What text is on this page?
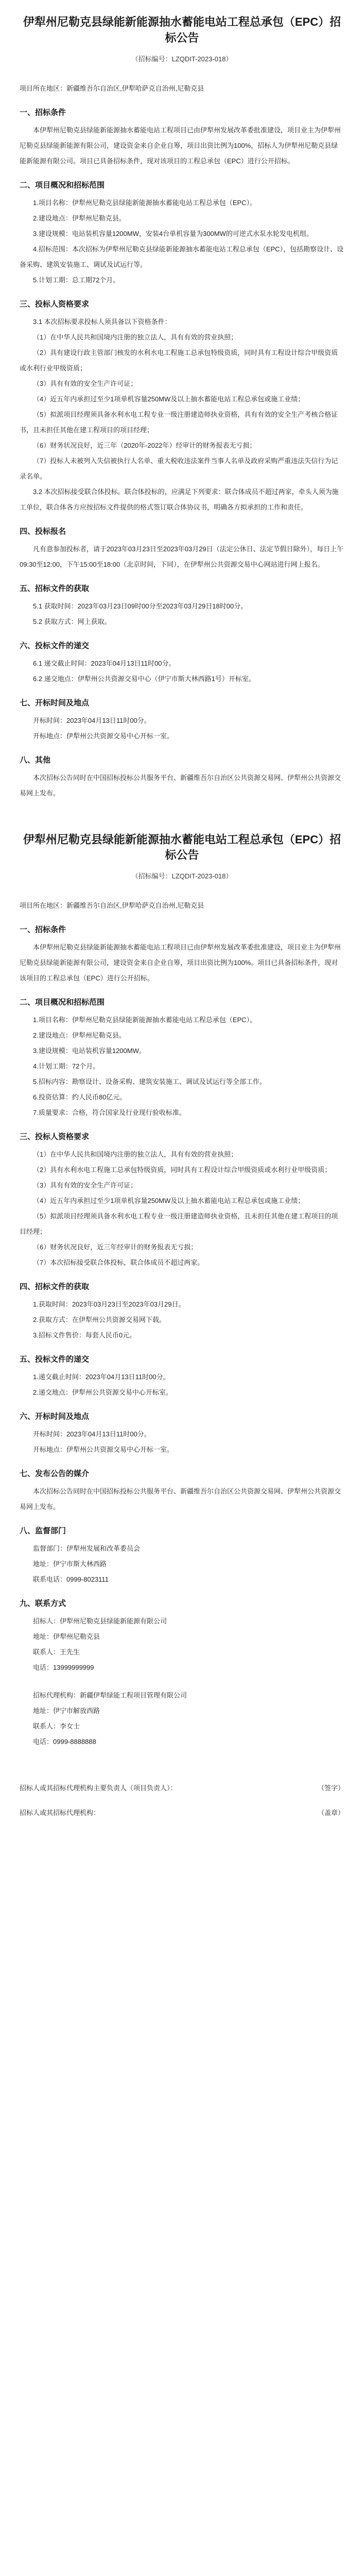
伊犁州尼勒克县绿能新能源抽水蓄能电站工程总承包（EPC）招标公告
（招标编号：LZQDIT-2023-018）

项目所在地区：新疆维吾尔自治区,伊犁哈萨克自治州,尼勒克县

一、招标条件

本伊犁州尼勒克县绿能新能源抽水蓄能电站工程项目已由伊犁州发展改革委批准建设，项目业主为伊犁州尼勒克县绿能新能源有限公司，建设资金来自企业自筹，项目出资比例为100%，招标人为伊犁州尼勒克县绿能新能源有限公司。项目已具备招标条件，现对该项目的工程总承包（EPC）进行公开招标。

二、项目概况和招标范围

1.项目名称：伊犁州尼勒克县绿能新能源抽水蓄能电站工程总承包（EPC）。

2.建设地点：伊犁州尼勒克县。

3.建设规模：电站装机容量1200MW，安装4台单机容量为300MW的可逆式水泵水轮发电机组。

4.招标范围：本次招标为伊犁州尼勒克县绿能新能源抽水蓄能电站工程总承包（EPC），包括勘察设计、设备采购、建筑安装施工、调试及试运行等。

5.计划工期：总工期72个月。

三、投标人资格要求

3.1 本次招标要求投标人须具备以下资格条件：

（1）在中华人民共和国境内注册的独立法人，具有有效的营业执照；

（2）具有建设行政主管部门核发的水利水电工程施工总承包特级资质，同时具有工程设计综合甲级资质或水利行业甲级资质；

（3）具有有效的安全生产许可证；

（4）近五年内承担过至少1项单机容量250MW及以上抽水蓄能电站工程总承包或施工业绩；

（5）拟派项目经理须具备水利水电工程专业一级注册建造师执业资格，具有有效的安全生产考核合格证书，且未担任其他在建工程项目的项目经理；

（6）财务状况良好，近三年（2020年-2022年）经审计的财务报表无亏损；

（7）投标人未被列入失信被执行人名单、重大税收违法案件当事人名单及政府采购严重违法失信行为记录名单。

3.2 本次招标接受联合体投标。联合体投标的，应满足下列要求：联合体成员不超过两家，牵头人须为施工单位，联合体各方应按招标文件提供的格式签订联合体协议书，明确各方拟承担的工作和责任。

四、投标报名

凡有意参加投标者，请于2023年03月23日至2023年03月29日（法定公休日、法定节假日除外），每日上午09:30至12:00，下午15:00至18:00（北京时间，下同），在伊犁州公共资源交易中心网站进行网上报名。

五、招标文件的获取

5.1 获取时间：2023年03月23日09时00分至2023年03月29日18时00分。

5.2 获取方式：网上获取。

六、投标文件的递交

6.1 递交截止时间：2023年04月13日11时00分。

6.2 递交地点：伊犁州公共资源交易中心（伊宁市斯大林西路1号）开标室。

七、开标时间及地点

开标时间：2023年04月13日11时00分。

开标地点：伊犁州公共资源交易中心开标一室。

八、其他

本次招标公告同时在中国招标投标公共服务平台、新疆维吾尔自治区公共资源交易网、伊犁州公共资源交易网上发布。

伊犁州尼勒克县绿能新能源抽水蓄能电站工程总承包（EPC）招标公告
（招标编号：LZQDIT-2023-018）

项目所在地区：新疆维吾尔自治区,伊犁哈萨克自治州,尼勒克县

一、招标条件

本伊犁州尼勒克县绿能新能源抽水蓄能电站工程项目已由伊犁州发展改革委批准建设，项目业主为伊犁州尼勒克县绿能新能源有限公司，建设资金来自企业自筹，项目出资比例为100%。项目已具备招标条件，现对该项目的工程总承包（EPC）进行公开招标。

二、项目概况和招标范围

1.项目名称：伊犁州尼勒克县绿能新能源抽水蓄能电站工程总承包（EPC）。

2.建设地点：伊犁州尼勒克县。

3.建设规模：电站装机容量1200MW。

4.计划工期：72个月。

5.招标内容：勘察设计、设备采购、建筑安装施工、调试及试运行等全部工作。

6.投资估算：约人民币80亿元。

7.质量要求：合格，符合国家及行业现行验收标准。

三、投标人资格要求

（1）在中华人民共和国境内注册的独立法人，具有有效的营业执照；

（2）具有水利水电工程施工总承包特级资质，同时具有工程设计综合甲级资质或水利行业甲级资质；

（3）具有有效的安全生产许可证；

（4）近五年内承担过至少1项单机容量250MW及以上抽水蓄能电站工程总承包或施工业绩；

（5）拟派项目经理须具备水利水电工程专业一级注册建造师执业资格，且未担任其他在建工程项目的项目经理；

（6）财务状况良好，近三年经审计的财务报表无亏损；

（7）本次招标接受联合体投标，联合体成员不超过两家。

四、招标文件的获取

1.获取时间：2023年03月23日至2023年03月29日。

2.获取方式：在伊犁州公共资源交易网下载。

3.招标文件售价：每套人民币0元。

五、投标文件的递交

1.递交截止时间：2023年04月13日11时00分。

2.递交地点：伊犁州公共资源交易中心开标室。

六、开标时间及地点

开标时间：2023年04月13日11时00分。

开标地点：伊犁州公共资源交易中心开标一室。

七、发布公告的媒介

本次招标公告同时在中国招标投标公共服务平台、新疆维吾尔自治区公共资源交易网、伊犁州公共资源交易网上发布。

八、监督部门

监督部门：伊犁州发展和改革委员会

地址：伊宁市斯大林西路

联系电话：0999-8023111

九、联系方式

招标人：伊犁州尼勒克县绿能新能源有限公司

地址：伊犁州尼勒克县

联系人：王先生

电话：13999999999

招标代理机构：新疆伊犁绿能工程项目管理有限公司

地址：伊宁市解放西路

联系人：李女士

电话：0999-8888888

招标人或其招标代理机构主要负责人（项目负责人）：	（签字）
招标人或其招标代理机构：	（盖章）
